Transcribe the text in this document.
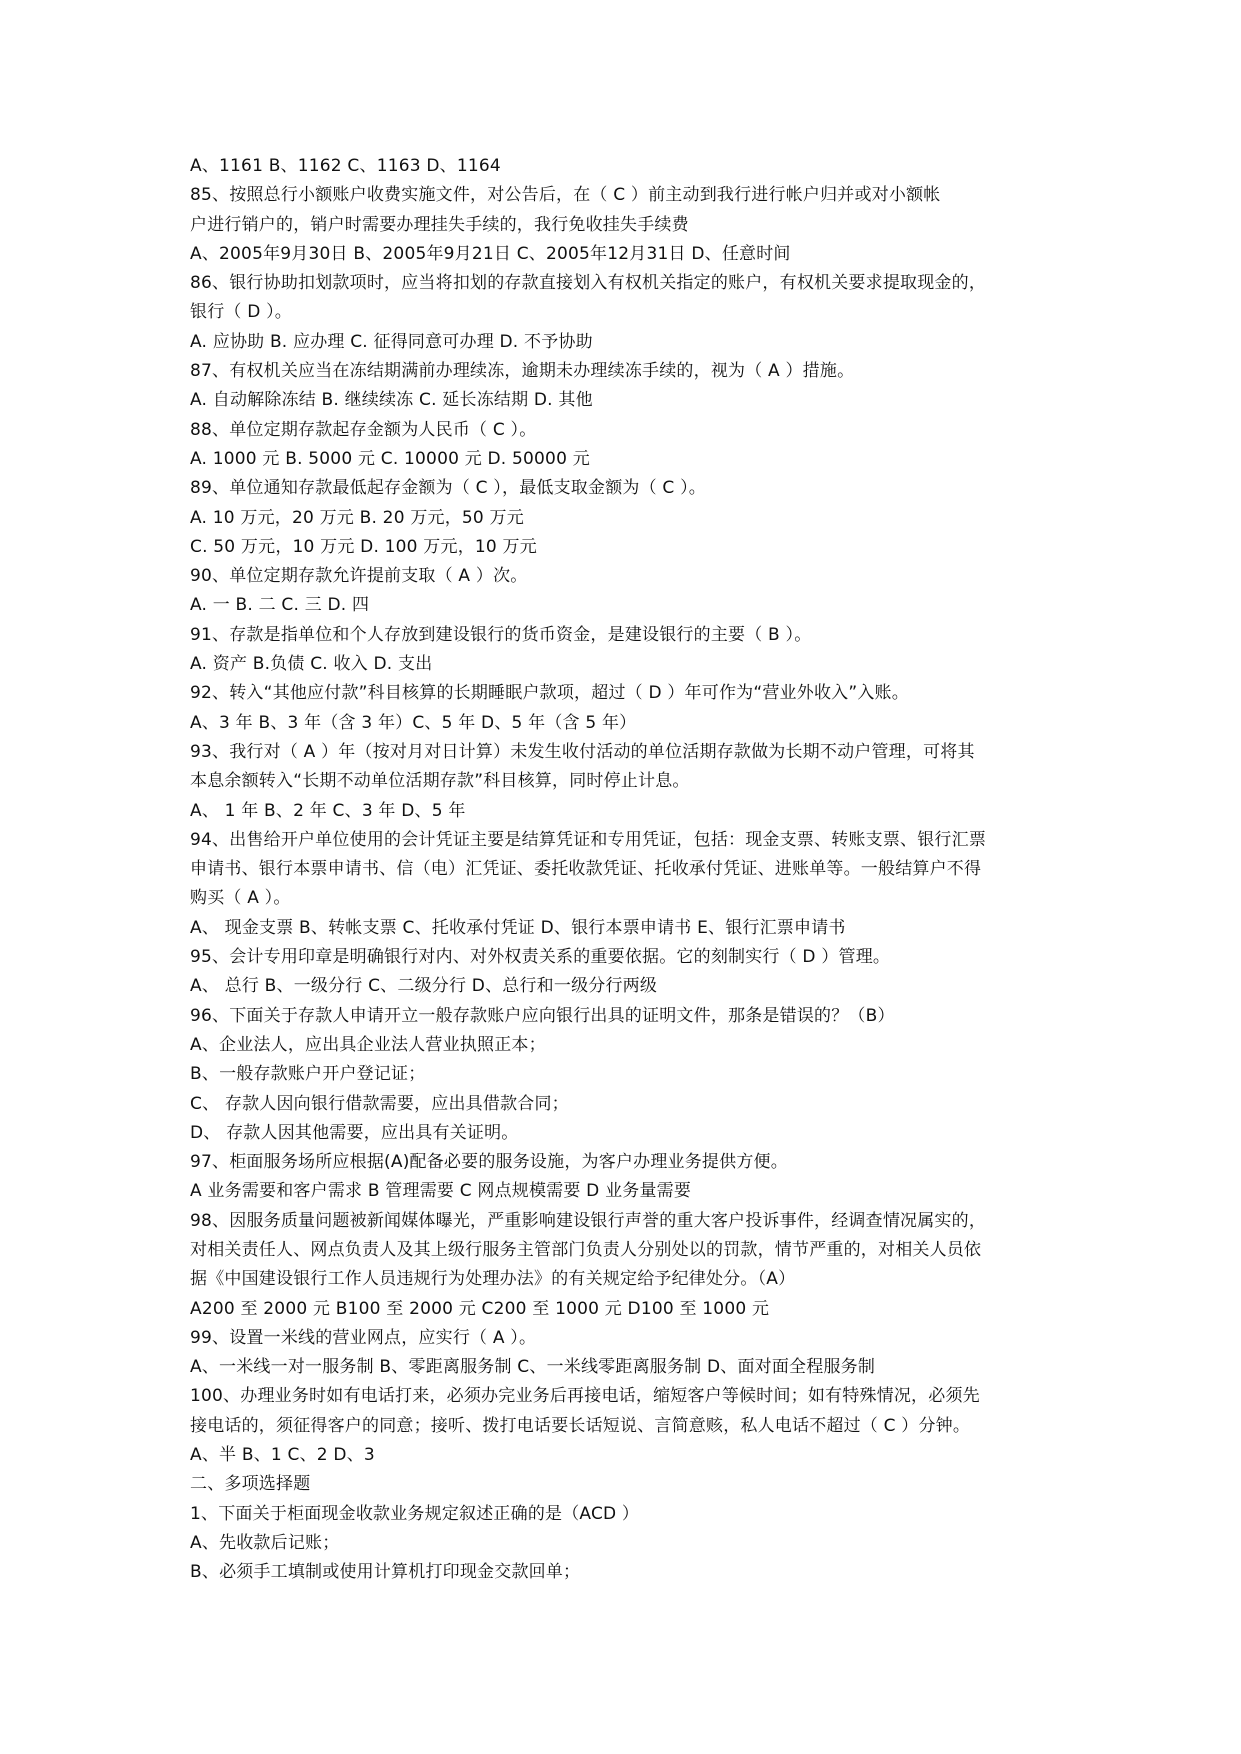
A、1161 B、1162 C、1163 D、1164
85、按照总行小额账户收费实施文件，对公告后，在（ C ）前主动到我行进行帐户归并或对小额帐
户进行销户的，销户时需要办理挂失手续的，我行免收挂失手续费
A、2005年9月30日 B、2005年9月21日 C、2005年12月31日 D、任意时间
86、银行协助扣划款项时，应当将扣划的存款直接划入有权机关指定的账户，有权机关要求提取现金的，
银行（ D ）。
A. 应协助 B. 应办理 C. 征得同意可办理 D. 不予协助
87、有权机关应当在冻结期满前办理续冻，逾期未办理续冻手续的，视为（ A ）措施。
A. 自动解除冻结 B. 继续续冻 C. 延长冻结期 D. 其他
88、单位定期存款起存金额为人民币（ C ）。
A. 1000 元 B. 5000 元 C. 10000 元 D. 50000 元
89、单位通知存款最低起存金额为（ C ），最低支取金额为（ C ）。
A. 10 万元，20 万元 B. 20 万元，50 万元
C. 50 万元，10 万元 D. 100 万元，10 万元
90、单位定期存款允许提前支取（ A ）次。
A. 一 B. 二 C. 三 D. 四
91、存款是指单位和个人存放到建设银行的货币资金，是建设银行的主要（ B ）。
A. 资产 B.负债 C. 收入 D. 支出
92、转入“其他应付款”科目核算的长期睡眠户款项，超过（ D ）年可作为“营业外收入”入账。
A、3 年 B、3 年（含 3 年）C、5 年 D、5 年（含 5 年）
93、我行对（ A ）年（按对月对日计算）未发生收付活动的单位活期存款做为长期不动户管理，可将其
本息余额转入“长期不动单位活期存款”科目核算，同时停止计息。
A、 1 年 B、2 年 C、3 年 D、5 年
94、出售给开户单位使用的会计凭证主要是结算凭证和专用凭证，包括：现金支票、转账支票、银行汇票
申请书、银行本票申请书、信（电）汇凭证、委托收款凭证、托收承付凭证、进账单等。一般结算户不得
购买（ A ）。
A、 现金支票 B、转帐支票 C、托收承付凭证 D、银行本票申请书 E、银行汇票申请书
95、会计专用印章是明确银行对内、对外权责关系的重要依据。它的刻制实行（ D ）管理。
A、 总行 B、一级分行 C、二级分行 D、总行和一级分行两级
96、下面关于存款人申请开立一般存款账户应向银行出具的证明文件，那条是错误的？（B）
A、企业法人，应出具企业法人营业执照正本；
B、一般存款账户开户登记证；
C、 存款人因向银行借款需要，应出具借款合同；
D、 存款人因其他需要，应出具有关证明。
97、柜面服务场所应根据(A)配备必要的服务设施，为客户办理业务提供方便。
A 业务需要和客户需求 B 管理需要 C 网点规模需要 D 业务量需要
98、因服务质量问题被新闻媒体曝光，严重影响建设银行声誉的重大客户投诉事件，经调查情况属实的，
对相关责任人、网点负责人及其上级行服务主管部门负责人分别处以的罚款，情节严重的，对相关人员依
据《中国建设银行工作人员违规行为处理办法》的有关规定给予纪律处分。（A）
A200 至 2000 元 B100 至 2000 元 C200 至 1000 元 D100 至 1000 元
99、设置一米线的营业网点，应实行（ A ）。
A、一米线一对一服务制 B、零距离服务制 C、一米线零距离服务制 D、面对面全程服务制
100、办理业务时如有电话打来，必须办完业务后再接电话，缩短客户等候时间；如有特殊情况，必须先
接电话的，须征得客户的同意；接听、拨打电话要长话短说、言简意赅，私人电话不超过（ C ）分钟。
A、半 B、1 C、2 D、3
二、多项选择题
1、下面关于柜面现金收款业务规定叙述正确的是（ACD ）
A、先收款后记账；
B、必须手工填制或使用计算机打印现金交款回单；
